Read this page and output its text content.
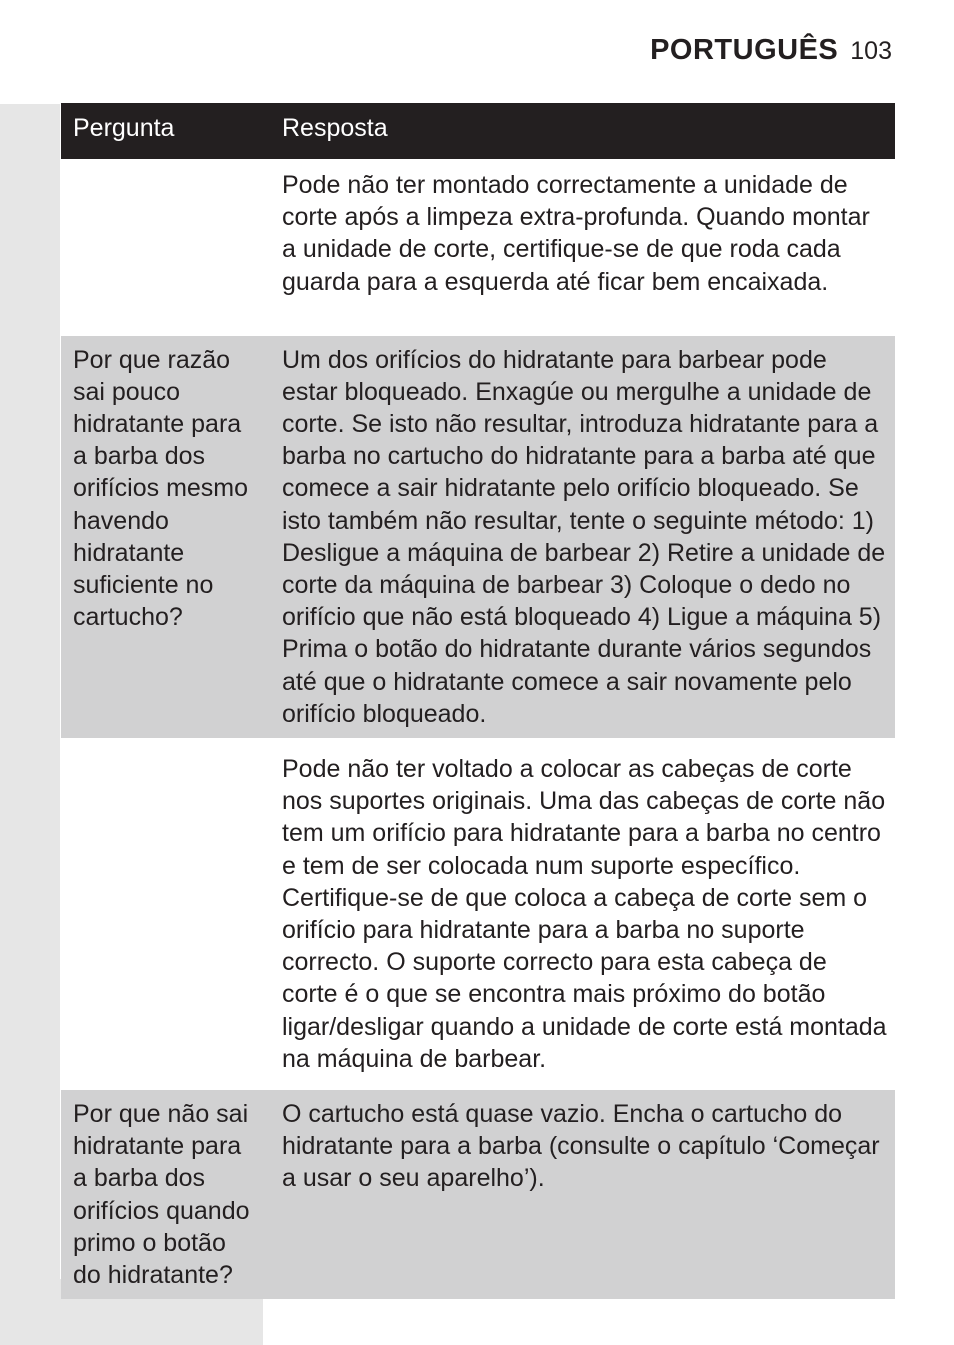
PORTUGUÊS 103
Pergunta	Resposta
	Pode não ter montado correctamente a unidade de corte após a limpeza extra-profunda. Quando montar a unidade de corte, certifique-se de que roda cada guarda para a esquerda até ficar bem encaixada.
Por que razão sai pouco hidratante para a barba dos orifícios mesmo havendo hidratante suficiente no cartucho?	Um dos orifícios do hidratante para barbear pode estar bloqueado. Enxagúe ou mergulhe a unidade de corte. Se isto não resultar, introduza hidratante para a barba no cartucho do hidratante para a barba até que comece a sair hidratante pelo orifício bloqueado. Se isto também não resultar, tente o seguinte método: 1) Desligue a máquina de barbear 2) Retire a unidade de corte da máquina de barbear 3) Coloque o dedo no orifício que não está bloqueado 4) Ligue a máquina 5) Prima o botão do hidratante durante vários segundos até que o hidratante comece a sair novamente pelo orifício bloqueado.
	Pode não ter voltado a colocar as cabeças de corte nos suportes originais. Uma das cabeças de corte não tem um orifício para hidratante para a barba no centro e tem de ser colocada num suporte específico. Certifique-se de que coloca a cabeça de corte sem o orifício para hidratante para a barba no suporte correcto. O suporte correcto para esta cabeça de corte é o que se encontra mais próximo do botão ligar/desligar quando a unidade de corte está montada na máquina de barbear.
Por que não sai hidratante para a barba dos orifícios quando primo o botão do hidratante?	O cartucho está quase vazio. Encha o cartucho do hidratante para a barba (consulte o capítulo ‘Começar a usar o seu aparelho’).
